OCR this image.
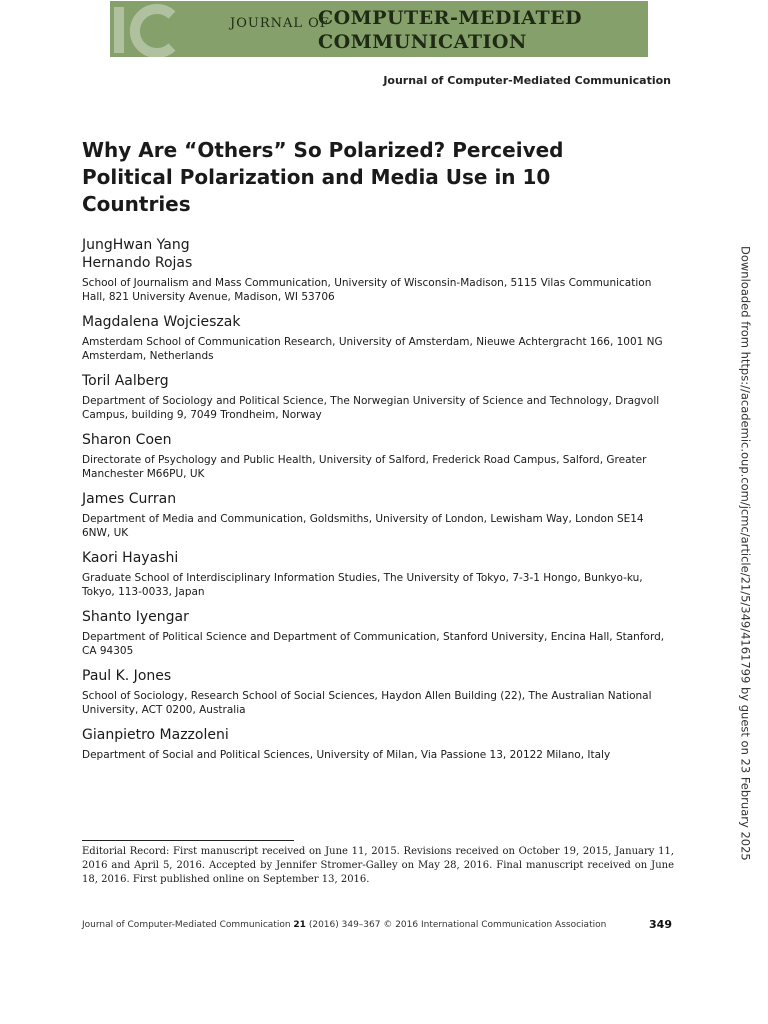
JOURNAL OF
COMPUTER-MEDIATED
COMMUNICATION
Journal of Computer-Mediated Communication
Why Are “Others” So Polarized? Perceived Political Polarization and Media Use in 10 Countries
JungHwan Yang
Hernando Rojas
School of Journalism and Mass Communication, University of Wisconsin-Madison, 5115 Vilas Communication Hall, 821 University Avenue, Madison, WI 53706
Magdalena Wojcieszak
Amsterdam School of Communication Research, University of Amsterdam, Nieuwe Achtergracht 166, 1001 NG Amsterdam, Netherlands
Toril Aalberg
Department of Sociology and Political Science, The Norwegian University of Science and Technology, Dragvoll Campus, building 9, 7049 Trondheim, Norway
Sharon Coen
Directorate of Psychology and Public Health, University of Salford, Frederick Road Campus, Salford, Greater Manchester M66PU, UK
James Curran
Department of Media and Communication, Goldsmiths, University of London, Lewisham Way, London SE14 6NW, UK
Kaori Hayashi
Graduate School of Interdisciplinary Information Studies, The University of Tokyo, 7-3-1 Hongo, Bunkyo-ku, Tokyo, 113-0033, Japan
Shanto Iyengar
Department of Political Science and Department of Communication, Stanford University, Encina Hall, Stanford, CA 94305
Paul K. Jones
School of Sociology, Research School of Social Sciences, Haydon Allen Building (22), The Australian National University, ACT 0200, Australia
Gianpietro Mazzoleni
Department of Social and Political Sciences, University of Milan, Via Passione 13, 20122 Milano, Italy	Downloaded from https://academic.oup.com/jcmc/article/21/5/349/4161799 by guest on 23 February 2025
Editorial Record: First manuscript received on June 11, 2015. Revisions received on October 19, 2015, January 11, 2016 and April 5, 2016. Accepted by Jennifer Stromer-Galley on May 28, 2016. Final manuscript received on June 18, 2016. First published online on September 13, 2016.
Journal of Computer-Mediated Communication 21 (2016) 349–367 © 2016 International Communication Association	349
